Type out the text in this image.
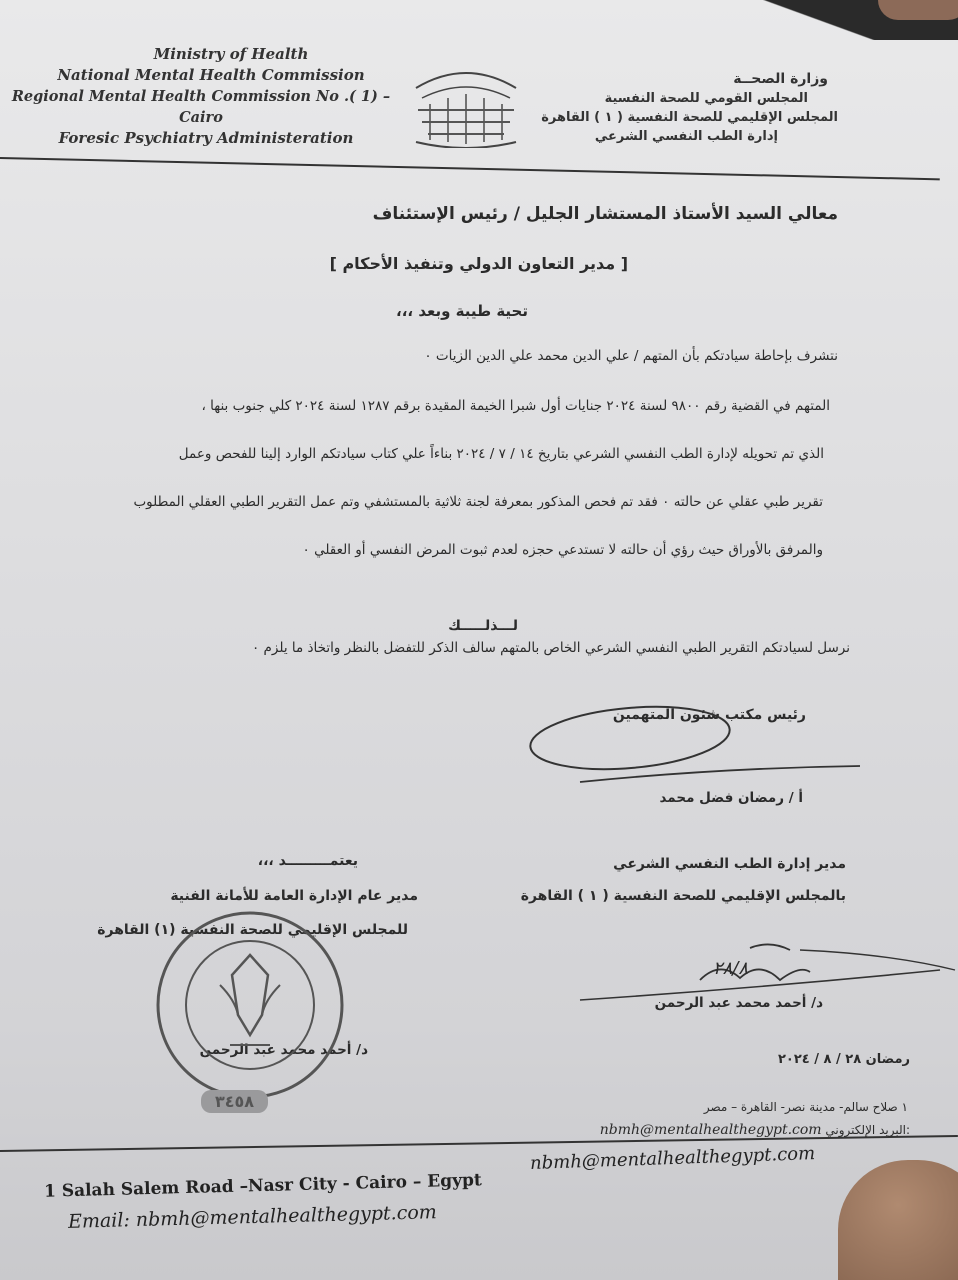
Ministry of Health
National Mental Health Commission
Regional Mental Health Commission No .( 1) – Cairo
Foresic Psychiatry Administeration
وزارة الصحــة
المجلس القومي للصحة النفسية
المجلس الإقليمي للصحة النفسية ( ١ ) القاهرة
إدارة الطب النفسي الشرعي
معالي السيد الأستاذ المستشار الجليل / رئيس الإستئناف
[ مدير التعاون الدولي وتنفيذ الأحكام ]
تحية طيبة وبعد ،،،
نتشرف بإحاطة سيادتكم بأن المتهم / علي الدين محمد علي الدين الزيات ٠
المتهم في القضية رقم ٩٨٠٠ لسنة ٢٠٢٤ جنايات أول شبرا الخيمة المقيدة برقم ١٢٨٧ لسنة ٢٠٢٤ كلي جنوب بنها ،
الذي تم تحويله لإدارة الطب النفسي الشرعي بتاريخ ١٤ / ٧ / ٢٠٢٤ بناءاً علي كتاب سيادتكم الوارد إلينا للفحص وعمل
تقرير طبي عقلي عن حالته ٠ فقد تم فحص المذكور بمعرفة لجنة ثلاثية بالمستشفي وتم عمل التقرير الطبي العقلي المطلوب
والمرفق بالأوراق حيث رؤي أن حالته لا تستدعي حجزه لعدم ثبوت المرض النفسي أو العقلي ٠
لـــذلـــــك
نرسل لسيادتكم التقرير الطبي النفسي الشرعي الخاص بالمتهم سالف الذكر للتفضل بالنظر واتخاذ ما يلزم ٠
رئيس مكتب شئون المتهمين
أ / رمضان فضل محمد
مدير إدارة الطب النفسي الشرعي
بالمجلس الإقليمي للصحة النفسية ( ١ ) القاهرة
٢٨/٨
د/ أحمد محمد عبد الرحمن
يعتمـــــــــد ،،،
مدير عام الإدارة العامة للأمانة الفنية
للمجلس الإقليمي للصحة النفسية (١) القاهرة
د/ أحمد محمد عبد الرحمن
٣٤٥٨
رمضان ٢٨ / ٨ / ٢٠٢٤
١ صلاح سالم- مدينة نصر- القاهرة – مصر
nbmh@mentalhealthegypt.com البريد الإلكتروني:
nbmh@mentalhealthegypt.com
1 Salah Salem Road –Nasr City - Cairo – Egypt
Email: nbmh@mentalhealthegypt.com
